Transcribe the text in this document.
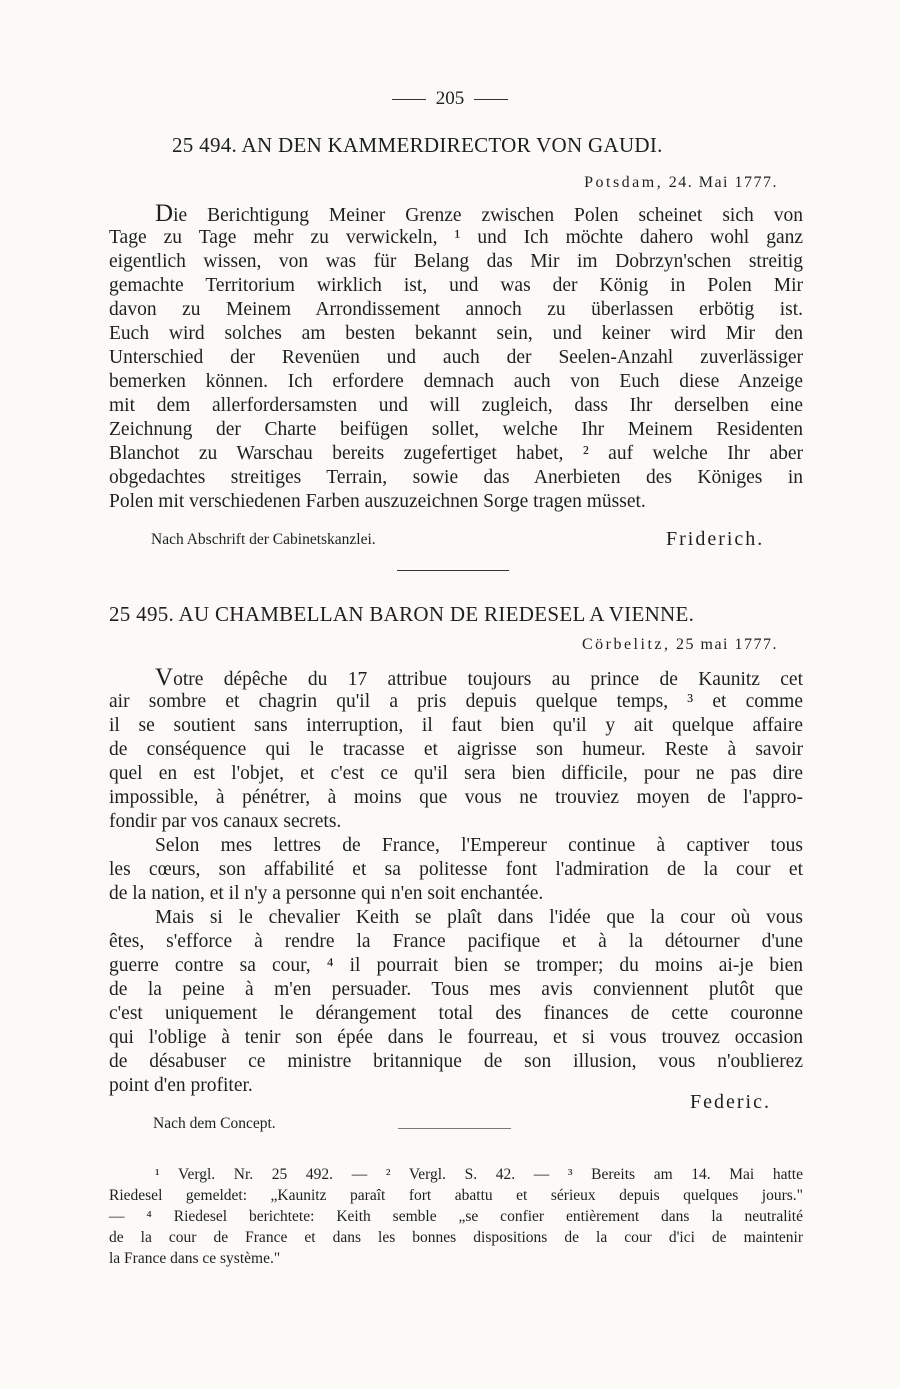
205
25 494. AN DEN KAMMERDIRECTOR VON GAUDI.
Potsdam, 24. Mai 1777.
Die Berichtigung Meiner Grenze zwischen Polen scheinet sich von
Tage zu Tage mehr zu verwickeln, ¹ und Ich möchte dahero wohl ganz
eigentlich wissen, von was für Belang das Mir im Dobrzyn'schen streitig
gemachte Territorium wirklich ist, und was der König in Polen Mir
davon zu Meinem Arrondissement annoch zu überlassen erbötig ist.
Euch wird solches am besten bekannt sein, und keiner wird Mir den
Unterschied der Revenüen und auch der Seelen-Anzahl zuverlässiger
bemerken können. Ich erfordere demnach auch von Euch diese Anzeige
mit dem allerfordersamsten und will zugleich, dass Ihr derselben eine
Zeichnung der Charte beifügen sollet, welche Ihr Meinem Residenten
Blanchot zu Warschau bereits zugefertiget habet, ² auf welche Ihr aber
obgedachtes streitiges Terrain, sowie das Anerbieten des Königes in
Polen mit verschiedenen Farben auszuzeichnen Sorge tragen müsset.
Nach Abschrift der Cabinetskanzlei.	Friderich.
25 495. AU CHAMBELLAN BARON DE RIEDESEL A VIENNE.
Cörbelitz, 25 mai 1777.
Votre dépêche du 17 attribue toujours au prince de Kaunitz cet
air sombre et chagrin qu'il a pris depuis quelque temps, ³ et comme
il se soutient sans interruption, il faut bien qu'il y ait quelque affaire
de conséquence qui le tracasse et aigrisse son humeur. Reste à savoir
quel en est l'objet, et c'est ce qu'il sera bien difficile, pour ne pas dire
impossible, à pénétrer, à moins que vous ne trouviez moyen de l'appro-
fondir par vos canaux secrets.
Selon mes lettres de France, l'Empereur continue à captiver tous
les cœurs, son affabilité et sa politesse font l'admiration de la cour et
de la nation, et il n'y a personne qui n'en soit enchantée.
Mais si le chevalier Keith se plaît dans l'idée que la cour où vous
êtes, s'efforce à rendre la France pacifique et à la détourner d'une
guerre contre sa cour, ⁴ il pourrait bien se tromper; du moins ai-je bien
de la peine à m'en persuader. Tous mes avis conviennent plutôt que
c'est uniquement le dérangement total des finances de cette couronne
qui l'oblige à tenir son épée dans le fourreau, et si vous trouvez occasion
de désabuser ce ministre britannique de son illusion, vous n'oublierez
point d'en profiter.
Federic.
Nach dem Concept.
¹ Vergl. Nr. 25 492. — ² Vergl. S. 42. — ³ Bereits am 14. Mai hatte
Riedesel gemeldet: „Kaunitz paraît fort abattu et sérieux depuis quelques jours."
— ⁴ Riedesel berichtete: Keith semble „se confier entièrement dans la neutralité
de la cour de France et dans les bonnes dispositions de la cour d'ici de maintenir
la France dans ce système."
